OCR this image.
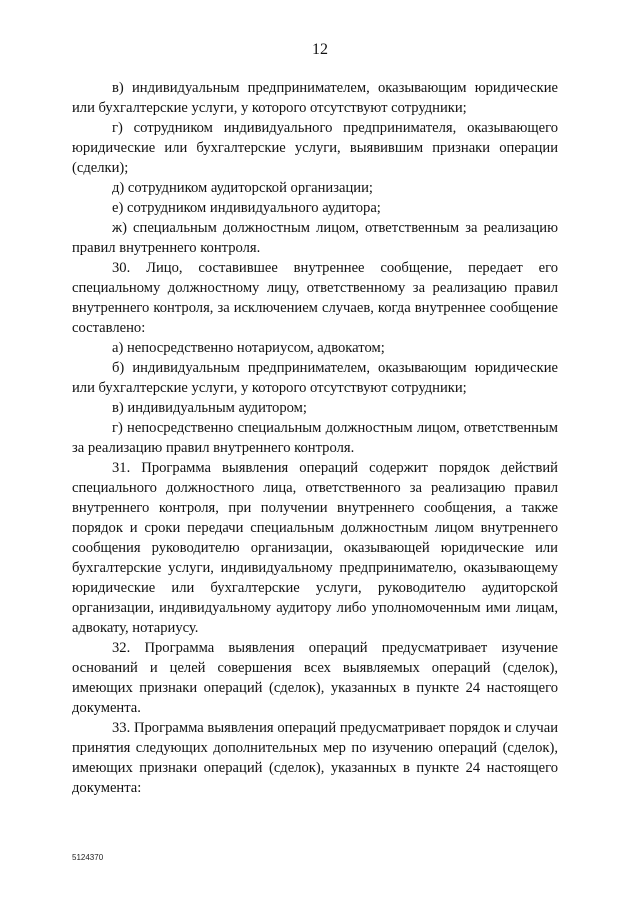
12

в) индивидуальным предпринимателем, оказывающим юридические или бухгалтерские услуги, у которого отсутствуют сотрудники;

г) сотрудником индивидуального предпринимателя, оказывающего юридические или бухгалтерские услуги, выявившим признаки операции (сделки);

д) сотрудником аудиторской организации;

е) сотрудником индивидуального аудитора;

ж) специальным должностным лицом, ответственным за реализацию правил внутреннего контроля.

30. Лицо, составившее внутреннее сообщение, передает его специальному должностному лицу, ответственному за реализацию правил внутреннего контроля, за исключением случаев, когда внутреннее сообщение составлено:

а) непосредственно нотариусом, адвокатом;

б) индивидуальным предпринимателем, оказывающим юридические или бухгалтерские услуги, у которого отсутствуют сотрудники;

в) индивидуальным аудитором;

г) непосредственно специальным должностным лицом, ответственным за реализацию правил внутреннего контроля.

31. Программа выявления операций содержит порядок действий специального должностного лица, ответственного за реализацию правил внутреннего контроля, при получении внутреннего сообщения, а также порядок и сроки передачи специальным должностным лицом внутреннего сообщения руководителю организации, оказывающей юридические или бухгалтерские услуги, индивидуальному предпринимателю, оказывающему юридические или бухгалтерские услуги, руководителю аудиторской организации, индивидуальному аудитору либо уполномоченным ими лицам, адвокату, нотариусу.

32. Программа выявления операций предусматривает изучение оснований и целей совершения всех выявляемых операций (сделок), имеющих признаки операций (сделок), указанных в пункте 24 настоящего документа.

33. Программа выявления операций предусматривает порядок и случаи принятия следующих дополнительных мер по изучению операций (сделок), имеющих признаки операций (сделок), указанных в пункте 24 настоящего документа:

5124370
